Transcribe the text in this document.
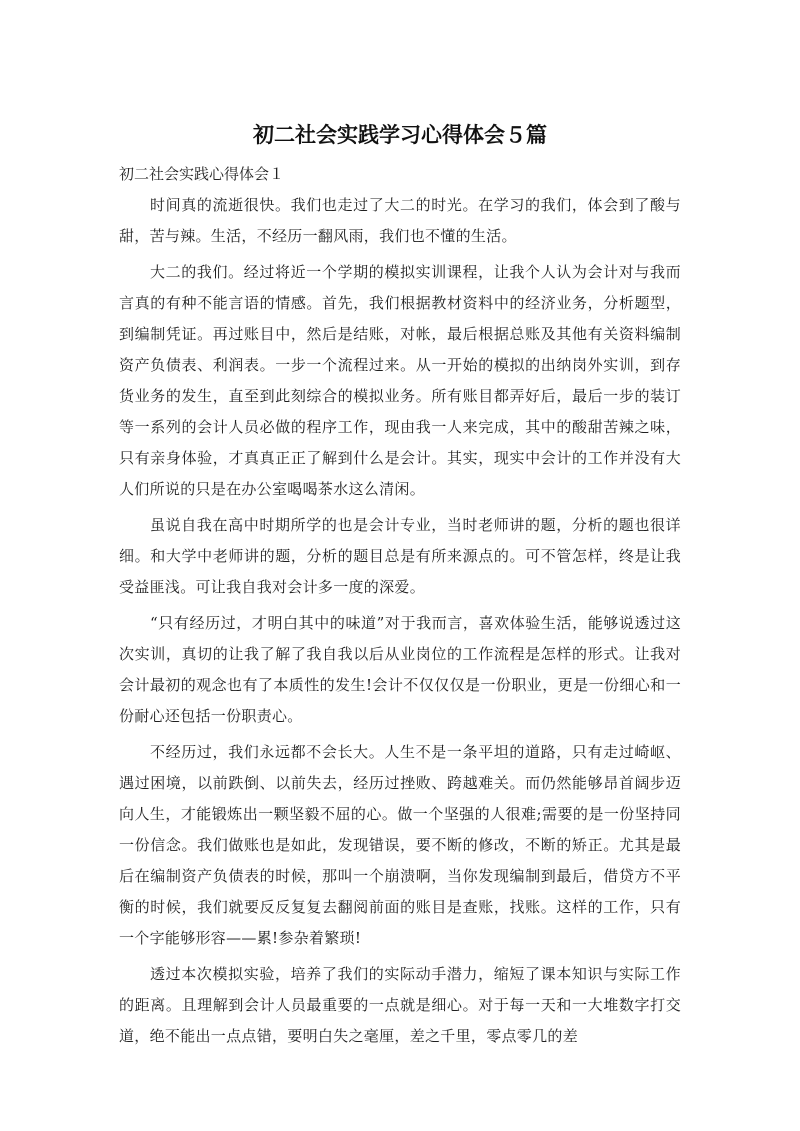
初二社会实践学习心得体会５篇
初二社会实践心得体会１

时间真的流逝很快。我们也走过了大二的时光。在学习的我们，体会到了酸与甜，苦与辣。生活，不经历一翻风雨，我们也不懂的生活。

大二的我们。经过将近一个学期的模拟实训课程，让我个人认为会计对与我而言真的有种不能言语的情感。首先，我们根据教材资料中的经济业务，分析题型，到编制凭证。再过账目中，然后是结账，对帐，最后根据总账及其他有关资料编制资产负债表、利润表。一步一个流程过来。从一开始的模拟的出纳岗外实训，到存货业务的发生，直至到此刻综合的模拟业务。所有账目都弄好后，最后一步的装订等一系列的会计人员必做的程序工作，现由我一人来完成，其中的酸甜苦辣之味，只有亲身体验，才真真正正了解到什么是会计。其实，现实中会计的工作并没有大人们所说的只是在办公室喝喝茶水这么清闲。

虽说自我在高中时期所学的也是会计专业，当时老师讲的题，分析的题也很详细。和大学中老师讲的题，分析的题目总是有所来源点的。可不管怎样，终是让我受益匪浅。可让我自我对会计多一度的深爱。

“只有经历过，才明白其中的味道”对于我而言，喜欢体验生活，能够说透过这次实训，真切的让我了解了我自我以后从业岗位的工作流程是怎样的形式。让我对会计最初的观念也有了本质性的发生!会计不仅仅仅是一份职业，更是一份细心和一份耐心还包括一份职责心。

不经历过，我们永远都不会长大。人生不是一条平坦的道路，只有走过崎岖、遇过困境，以前跌倒、以前失去，经历过挫败、跨越难关。而仍然能够昂首阔步迈向人生，才能锻炼出一颗坚毅不屈的心。做一个坚强的人很难;需要的是一份坚持同一份信念。我们做账也是如此，发现错误，要不断的修改，不断的矫正。尤其是最后在编制资产负债表的时候，那叫一个崩溃啊，当你发现编制到最后，借贷方不平衡的时候，我们就要反反复复去翻阅前面的账目是查账，找账。这样的工作，只有一个字能够形容——累!参杂着繁琐!

透过本次模拟实验，培养了我们的实际动手潜力，缩短了课本知识与实际工作的距离。且理解到会计人员最重要的一点就是细心。对于每一天和一大堆数字打交道，绝不能出一点点错，要明白失之毫厘，差之千里，零点零几的差
